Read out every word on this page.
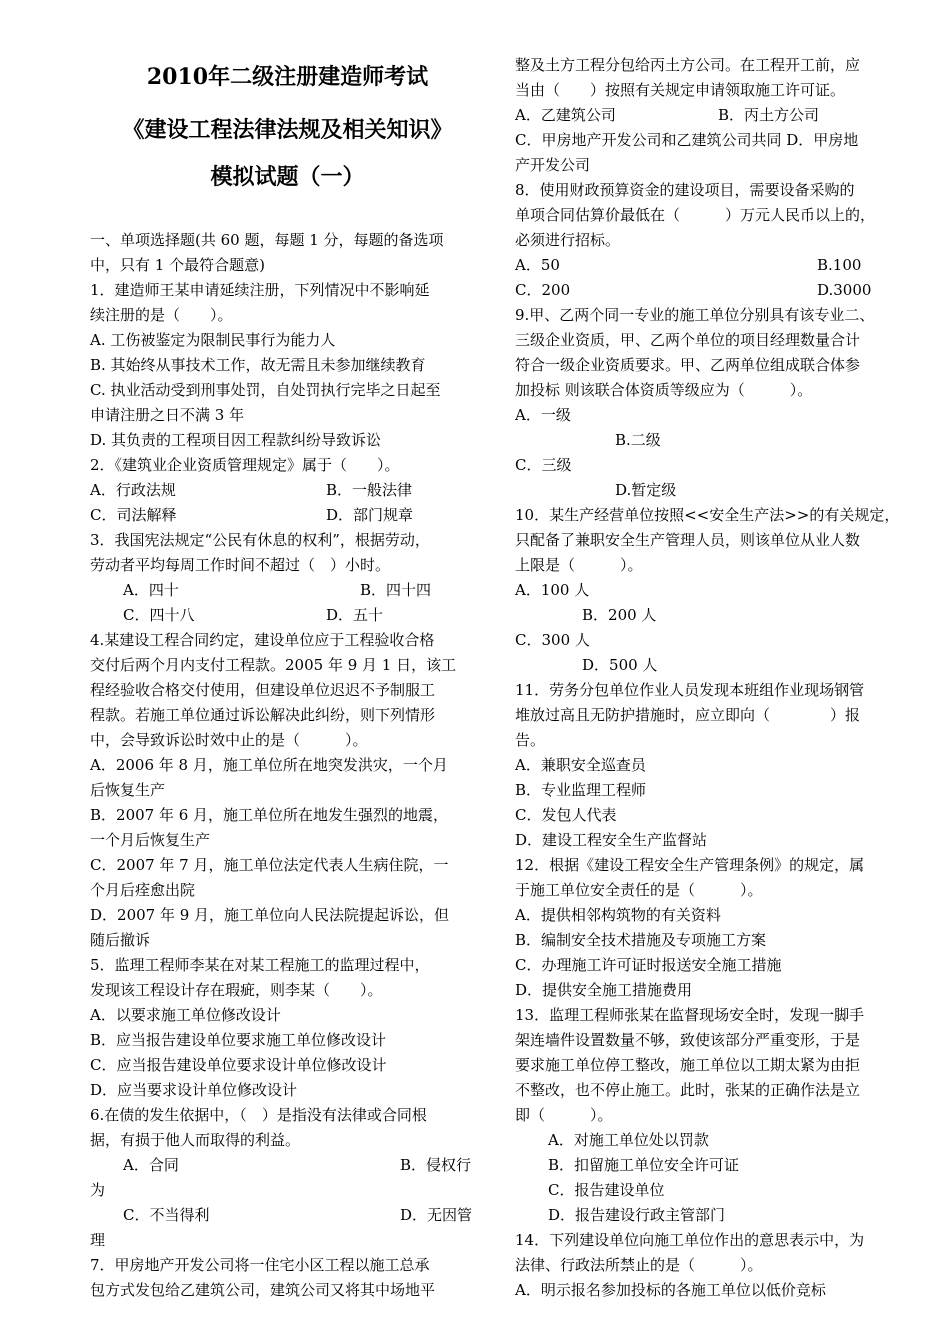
2010年二级注册建造师考试
《建设工程法律法规及相关知识》
模拟试题（一）
一、单项选择题(共 60 题，每题 1 分，每题的备选项
中，只有 1 个最符合题意)
1．建造师王某申请延续注册，下列情况中不影响延
续注册的是（　　）。
A. 工伤被鉴定为限制民事行为能力人
B. 其始终从事技术工作，故无需且未参加继续教育
C. 执业活动受到刑事处罚，自处罚执行完毕之日起至
申请注册之日不满 3 年
D. 其负责的工程项目因工程款纠纷导致诉讼
2．《建筑业企业资质管理规定》属于（　　）。
A．行政法规	B．一般法律
C．司法解释	D．部门规章
3．我国宪法规定“公民有休息的权利”，根据劳动，
劳动者平均每周工作时间不超过（　）小时。
A．四十	B．四十四
C．四十八	D．五十
4.某建设工程合同约定，建设单位应于工程验收合格
交付后两个月内支付工程款。2005 年 9 月 1 日，该工
程经验收合格交付使用，但建设单位迟迟不予制服工
程款。若施工单位通过诉讼解决此纠纷，则下列情形
中，会导致诉讼时效中止的是（　　　）。
A．2006 年 8 月，施工单位所在地突发洪灾，一个月
后恢复生产
B．2007 年 6 月，施工单位所在地发生强烈的地震，
一个月后恢复生产
C．2007 年 7 月，施工单位法定代表人生病住院，一
个月后痊愈出院
D．2007 年 9 月，施工单位向人民法院提起诉讼，但
随后撤诉
5．监理工程师李某在对某工程施工的监理过程中，
发现该工程设计存在瑕疵，则李某（　　）。
A．以要求施工单位修改设计
B．应当报告建设单位要求施工单位修改设计
C．应当报告建设单位要求设计单位修改设计
D．应当要求设计单位修改设计
6.在债的发生依据中，（　）是指没有法律或合同根
据，有损于他人而取得的利益。
A．合同	B．侵权行
为
C．不当得利	D．无因管
理
7．甲房地产开发公司将一住宅小区工程以施工总承
包方式发包给乙建筑公司，建筑公司又将其中场地平
整及土方工程分包给丙土方公司。在工程开工前，应
当由（　　）按照有关规定申请领取施工许可证。
A．乙建筑公司	B．丙土方公司
C．甲房地产开发公司和乙建筑公司共同 D．甲房地
产开发公司
8．使用财政预算资金的建设项目，需要设备采购的
单项合同估算价最低在（　　　）万元人民币以上的，
必须进行招标。
A．50	B.100
C．200	D.3000
9.甲、乙两个同一专业的施工单位分别具有该专业二、
三级企业资质，甲、乙两个单位的项目经理数量合计
符合一级企业资质要求。甲、乙两单位组成联合体参
加投标 则该联合体资质等级应为（　　　）。
A．一级
B.二级
C．三级
D.暂定级
10．某生产经营单位按照<<安全生产法>>的有关规定，
只配备了兼职安全生产管理人员，则该单位从业人数
上限是（　　　）。
A．100 人
B．200 人
C．300 人
D．500 人
11．劳务分包单位作业人员发现本班组作业现场钢管
堆放过高且无防护措施时，应立即向（　　　　）报
告。
A．兼职安全巡查员
B．专业监理工程师
C．发包人代表
D．建设工程安全生产监督站
12．根据《建设工程安全生产管理条例》的规定，属
于施工单位安全责任的是（　　　）。
A．提供相邻构筑物的有关资料
B．编制安全技术措施及专项施工方案
C．办理施工许可证时报送安全施工措施
D．提供安全施工措施费用
13．监理工程师张某在监督现场安全时，发现一脚手
架连墙件设置数量不够，致使该部分严重变形，于是
要求施工单位停工整改，施工单位以工期太紧为由拒
不整改，也不停止施工。此时，张某的正确作法是立
即（　　　）。
A．对施工单位处以罚款
B．扣留施工单位安全许可证
C．报告建设单位
D．报告建设行政主管部门
14．下列建设单位向施工单位作出的意思表示中，为
法律、行政法所禁止的是（　　　）。
A．明示报名参加投标的各施工单位以低价竞标
